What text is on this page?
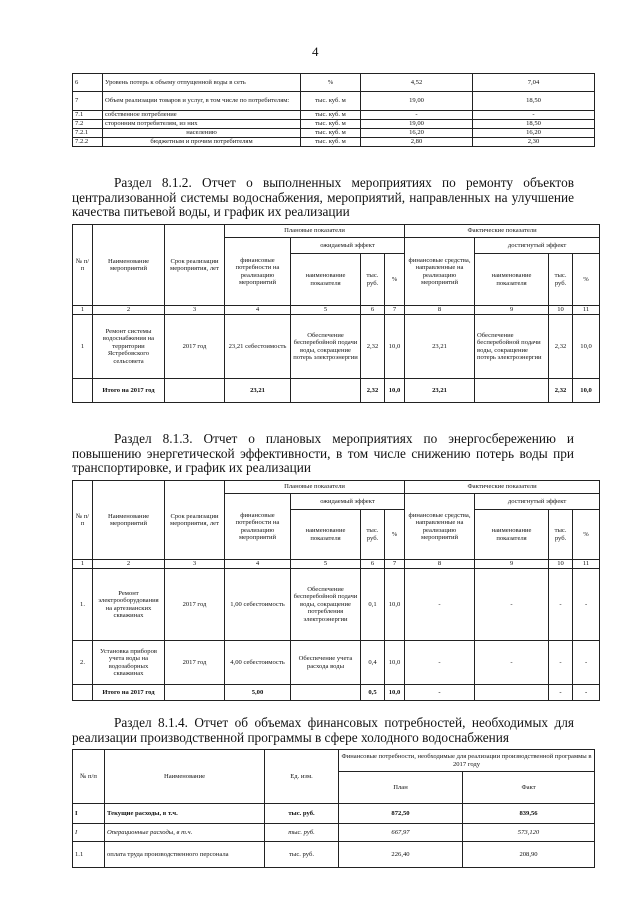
4
6	Уровень потерь к объему отпущенной воды в сеть	%	4,52	7,04
7	Объем реализации товаров и услуг, в том числе по потребителям:	тыс. куб. м	19,00	18,50
7.1	собственное потребление	тыс. куб. м	-	-
7.2	сторонним потребителям, из них	тыс. куб. м	19,00	18,50
7.2.1	населению	тыс. куб. м	16,20	16,20
7.2.2	бюджетным и прочим потребителям	тыс. куб. м	2,80	2,30
Раздел 8.1.2. Отчет о выполненных мероприятиях по ремонту объектов централизованной системы водоснабжения, мероприятий, направленных на улучшение качества питьевой воды, и график их реализации
№ п/п	Наименование мероприятий	Срок реализации мероприятия, лет	Плановые показатели				Фактические показатели			
			финансовые потребности на реализацию мероприятий	ожидаемый эффект			финансовые средства, направленные на реализацию мероприятий	достигнутый эффект		
				наименование показателя	тыс. руб.	%		наименование показателя	тыс. руб.	%
1	2	3	4	5	6	7	8	9	10	11
1	Ремонт системы водоснабжения на территории Ястребовского сельсовета	2017 год	23,21 себестоимость	Обеспечение бесперебойной подачи воды, сокращение потерь электроэнергии	2,32	10,0	23,21	Обеспечение бесперебойной подачи воды, сокращение потерь электроэнергии	2,32	10,0
	Итого на 2017 год		23,21		2,32	10,0	23,21		2,32	10,0
Раздел 8.1.3. Отчет о плановых мероприятиях по энергосбережению и повышению энергетической эффективности, в том числе снижению потерь воды при транспортировке, и график их реализации
№ п/п	Наименование мероприятий	Срок реализации мероприятия, лет	Плановые показатели				Фактические показатели			
			финансовые потребности на реализацию мероприятий	ожидаемый эффект			финансовые средства, направленные на реализацию мероприятий	достигнутый эффект		
				наименование показателя	тыс. руб.	%		наименование показателя	тыс. руб.	%
1	2	3	4	5	6	7	8	9	10	11
1.	Ремонт электрооборудования на артезианских скважинах	2017 год	1,00 себестоимость	Обеспечение бесперебойной подачи воды, сокращение потребления электроэнергии	0,1	10,0	-	-	-	-
2.	Установка приборов учета воды на водозаборных скважинах	2017 год	4,00 себестоимость	Обеспечение учета расхода воды	0,4	10,0	-	-	-	-
	Итого на 2017 год		5,00		0,5	10,0	-		-	-
Раздел 8.1.4. Отчет об объемах финансовых потребностей, необходимых для реализации производственной программы в сфере холодного водоснабжения
№ п/п	Наименование	Ед. изм.	Финансовые потребности, необходимые для реализации производственной программы в 2017 году	
			План	Факт
I	Текущие расходы, в т.ч.	тыс. руб.	872,50	839,56
I	Операционные расходы, в т.ч.	тыс. руб.	667,97	573,120
1.1	оплата труда производственного персонала	тыс. руб.	226,40	208,90
